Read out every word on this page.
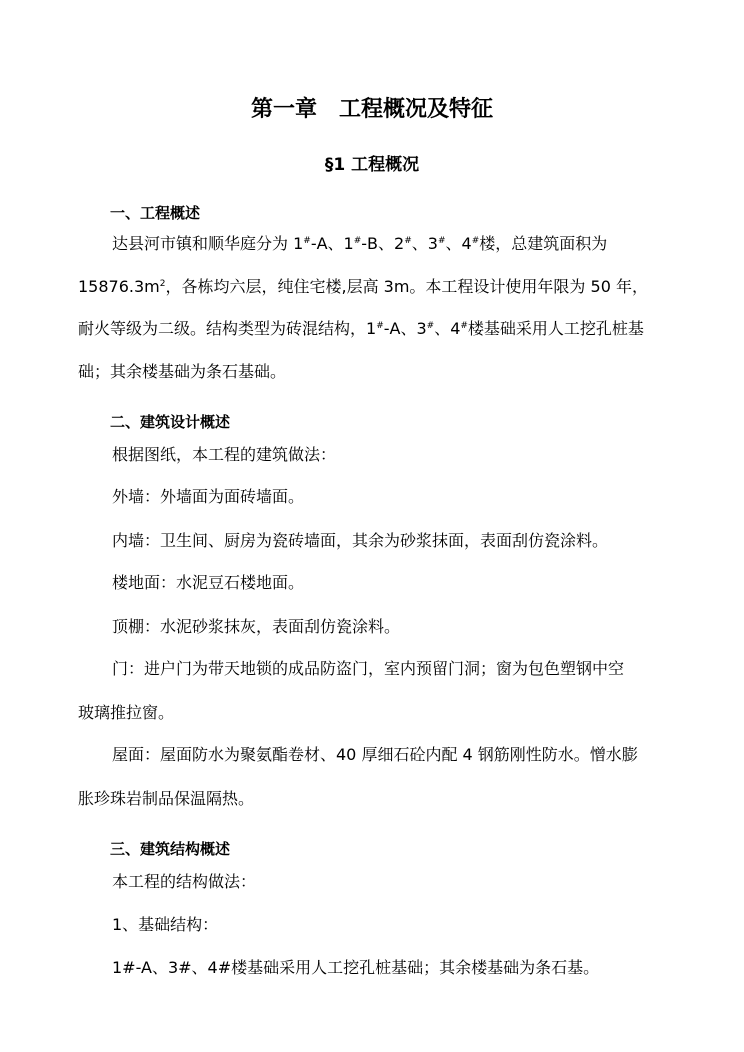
第一章 工程概况及特征
§1 工程概况
一、工程概述
达县河市镇和顺华庭分为 1#-A、1#-B、2#、3#、4#楼，总建筑面积为
$15876.3m^2$，各栋均六层，纯住宅楼,层高 3m。本工程设计使用年限为 50 年，
耐火等级为二级。结构类型为砖混结构，1#-A、3#、4#楼基础采用人工挖孔桩基
础；其余楼基础为条石基础。
二、建筑设计概述
根据图纸，本工程的建筑做法：
外墙：外墙面为面砖墙面。
内墙：卫生间、厨房为瓷砖墙面，其余为砂浆抹面，表面刮仿瓷涂料。
楼地面：水泥豆石楼地面。
顶棚：水泥砂浆抹灰，表面刮仿瓷涂料。
门：进户门为带天地锁的成品防盗门，室内预留门洞；窗为包色塑钢中空
玻璃推拉窗。
屋面：屋面防水为聚氨酯卷材、40 厚细石砼内配 4 钢筋刚性防水。憎水膨
胀珍珠岩制品保温隔热。
三、建筑结构概述
本工程的结构做法：
1、基础结构：
1#-A、3#、4#楼基础采用人工挖孔桩基础；其余楼基础为条石基。
